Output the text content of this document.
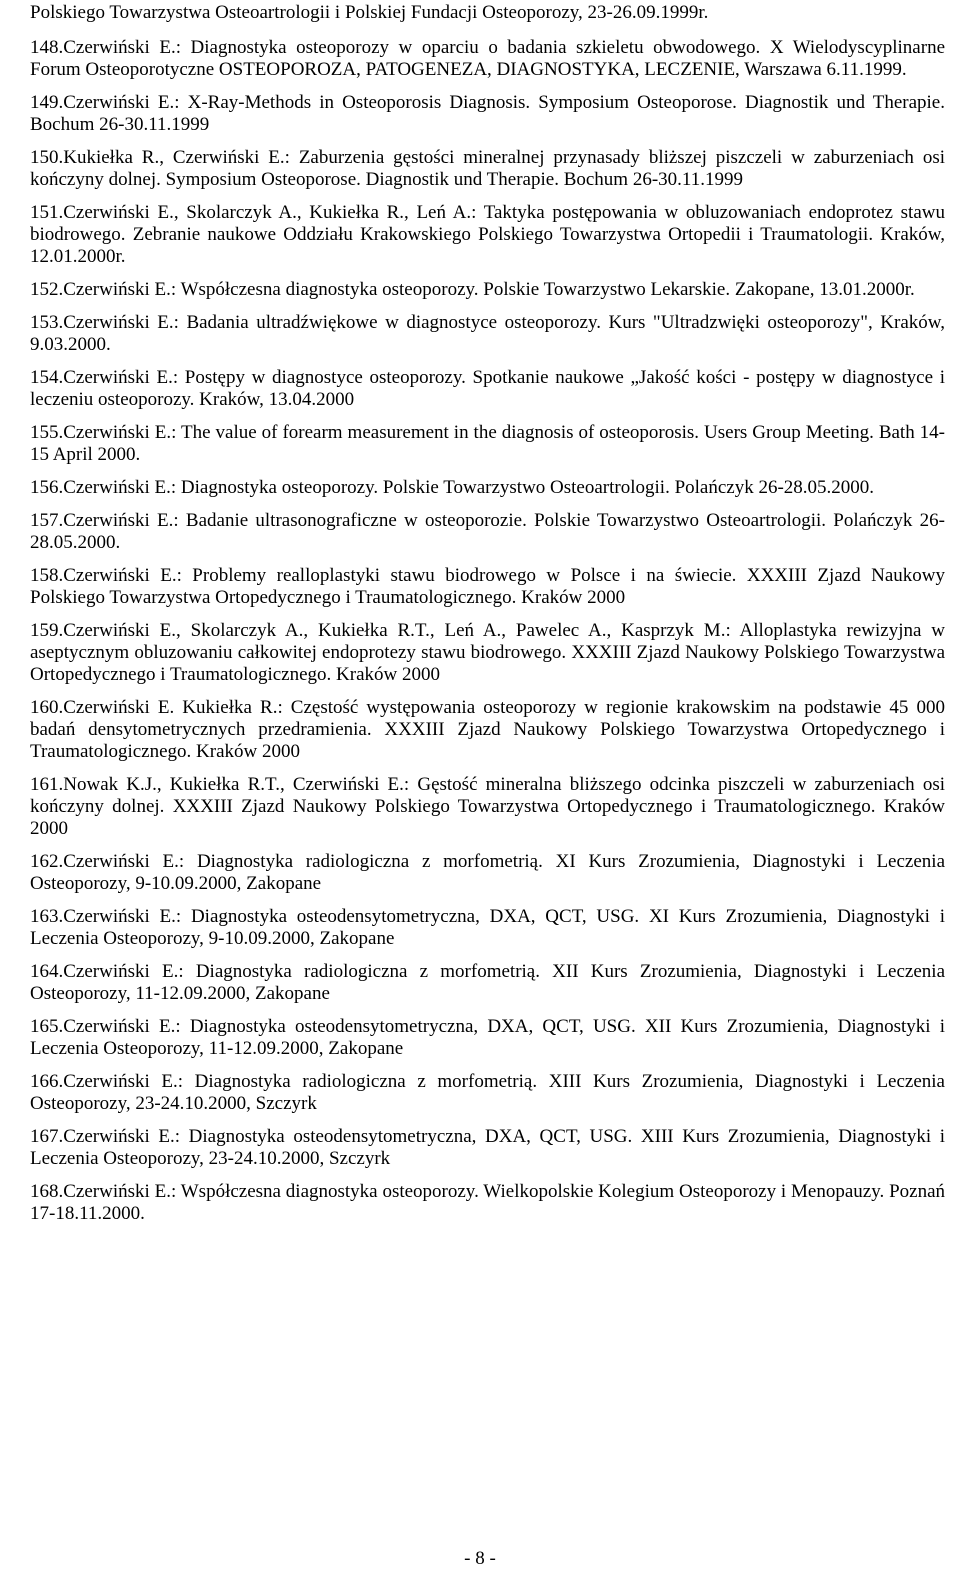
Polskiego Towarzystwa Osteoartrologii i Polskiej Fundacji Osteoporozy, 23-26.09.1999r.
148.Czerwiński E.: Diagnostyka osteoporozy w oparciu o badania szkieletu obwodowego. X Wielodyscyplinarne Forum Osteoporotyczne OSTEOPOROZA, PATOGENEZA, DIAGNOSTYKA, LECZENIE, Warszawa 6.11.1999.
149.Czerwiński E.: X-Ray-Methods in Osteoporosis Diagnosis. Symposium Osteoporose. Diagnostik und Therapie. Bochum 26-30.11.1999
150.Kukiełka R., Czerwiński E.: Zaburzenia gęstości mineralnej przynasady bliższej piszczeli w zaburzeniach osi kończyny dolnej. Symposium Osteoporose. Diagnostik und Therapie. Bochum 26-30.11.1999
151.Czerwiński E., Skolarczyk A., Kukiełka R., Leń A.: Taktyka postępowania w obluzowaniach endoprotez stawu biodrowego. Zebranie naukowe Oddziału Krakowskiego Polskiego Towarzystwa Ortopedii i Traumatologii. Kraków, 12.01.2000r.
152.Czerwiński E.: Współczesna diagnostyka osteoporozy. Polskie Towarzystwo Lekarskie. Zakopane, 13.01.2000r.
153.Czerwiński E.: Badania ultradźwiękowe w diagnostyce osteoporozy. Kurs "Ultradzwięki osteoporozy", Kraków, 9.03.2000.
154.Czerwiński E.: Postępy w diagnostyce osteoporozy. Spotkanie naukowe „Jakość kości - postępy w diagnostyce i leczeniu osteoporozy. Kraków, 13.04.2000
155.Czerwiński E.: The value of forearm measurement in the diagnosis of osteoporosis. Users Group Meeting. Bath 14-15 April 2000.
156.Czerwiński E.: Diagnostyka osteoporozy. Polskie Towarzystwo Osteoartrologii. Polańczyk 26-28.05.2000.
157.Czerwiński E.: Badanie ultrasonograficzne w osteoporozie. Polskie Towarzystwo Osteoartrologii. Polańczyk 26-28.05.2000.
158.Czerwiński E.: Problemy realloplastyki stawu biodrowego w Polsce i na świecie. XXXIII Zjazd Naukowy Polskiego Towarzystwa Ortopedycznego i Traumatologicznego. Kraków 2000
159.Czerwiński E., Skolarczyk A., Kukiełka R.T., Leń A., Pawelec A., Kasprzyk M.: Alloplastyka rewizyjna w aseptycznym obluzowaniu całkowitej endoprotezy stawu biodrowego. XXXIII Zjazd Naukowy Polskiego Towarzystwa Ortopedycznego i Traumatologicznego. Kraków 2000
160.Czerwiński E. Kukiełka R.: Częstość występowania osteoporozy w regionie krakowskim na podstawie 45 000 badań densytometrycznych przedramienia. XXXIII Zjazd Naukowy Polskiego Towarzystwa Ortopedycznego i Traumatologicznego. Kraków 2000
161.Nowak K.J., Kukiełka R.T., Czerwiński E.: Gęstość mineralna bliższego odcinka piszczeli w zaburzeniach osi kończyny dolnej. XXXIII Zjazd Naukowy Polskiego Towarzystwa Ortopedycznego i Traumatologicznego. Kraków 2000
162.Czerwiński E.: Diagnostyka radiologiczna z morfometrią. XI Kurs Zrozumienia, Diagnostyki i Leczenia Osteoporozy, 9-10.09.2000, Zakopane
163.Czerwiński E.: Diagnostyka osteodensytometryczna, DXA, QCT, USG. XI Kurs Zrozumienia, Diagnostyki i Leczenia Osteoporozy, 9-10.09.2000, Zakopane
164.Czerwiński E.: Diagnostyka radiologiczna z morfometrią. XII Kurs Zrozumienia, Diagnostyki i Leczenia Osteoporozy, 11-12.09.2000, Zakopane
165.Czerwiński E.: Diagnostyka osteodensytometryczna, DXA, QCT, USG. XII Kurs Zrozumienia, Diagnostyki i Leczenia Osteoporozy, 11-12.09.2000, Zakopane
166.Czerwiński E.: Diagnostyka radiologiczna z morfometrią. XIII Kurs Zrozumienia, Diagnostyki i Leczenia Osteoporozy, 23-24.10.2000, Szczyrk
167.Czerwiński E.: Diagnostyka osteodensytometryczna, DXA, QCT, USG. XIII Kurs Zrozumienia, Diagnostyki i Leczenia Osteoporozy, 23-24.10.2000, Szczyrk
168.Czerwiński E.: Współczesna diagnostyka osteoporozy. Wielkopolskie Kolegium Osteoporozy i Menopauzy. Poznań 17-18.11.2000.
- 8 -
